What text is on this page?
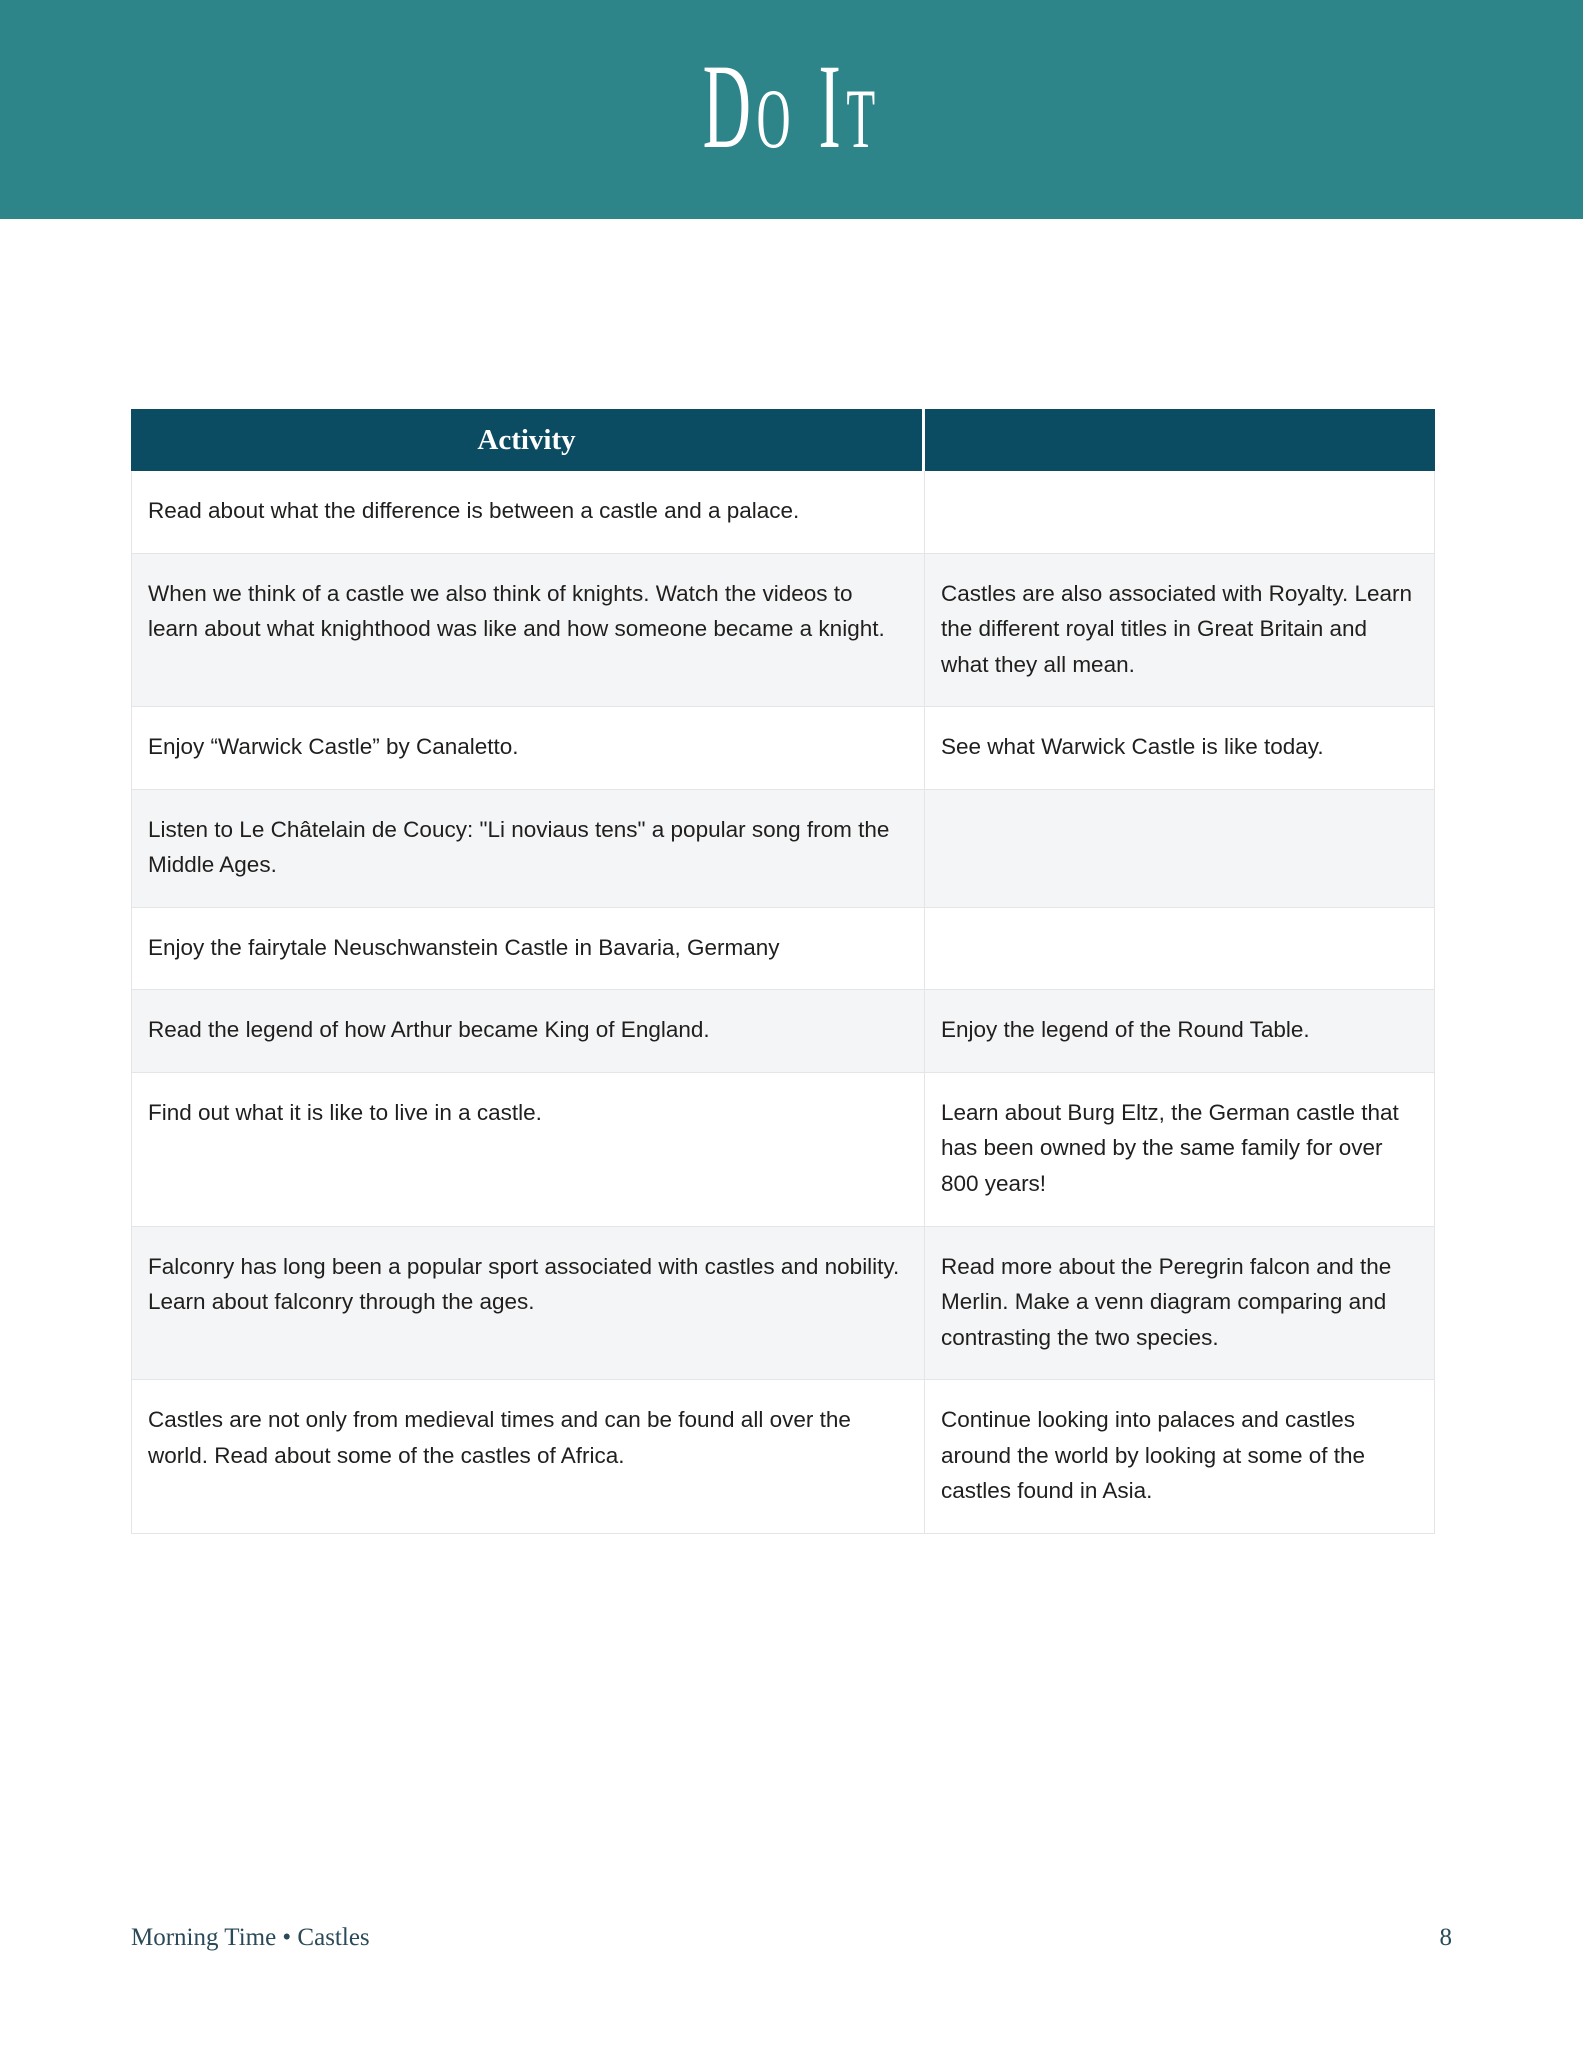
Do It
Activity	

Read about what the difference is between a castle and a palace.	

When we think of a castle we also think of knights. Watch the videos to learn about what knighthood was like and how someone became a knight.	Castles are also associated with Royalty. Learn the different royal titles in Great Britain and what they all mean.

Enjoy “Warwick Castle” by Canaletto.	See what Warwick Castle is like today.

Listen to Le Châtelain de Coucy: "Li noviaus tens" a popular song from the Middle Ages.	

Enjoy the fairytale Neuschwanstein Castle in Bavaria, Germany	

Read the legend of how Arthur became King of England.	Enjoy the legend of the Round Table.

Find out what it is like to live in a castle.	Learn about Burg Eltz, the German castle that has been owned by the same family for over 800 years!

Falconry has long been a popular sport associated with castles and nobility. Learn about falconry through the ages.	Read more about the Peregrin falcon and the Merlin. Make a venn diagram comparing and contrasting the two species.

Castles are not only from medieval times and can be found all over the world. Read about some of the castles of Africa.	Continue looking into palaces and castles around the world by looking at some of the castles found in Asia.
Morning Time • Castles	8
